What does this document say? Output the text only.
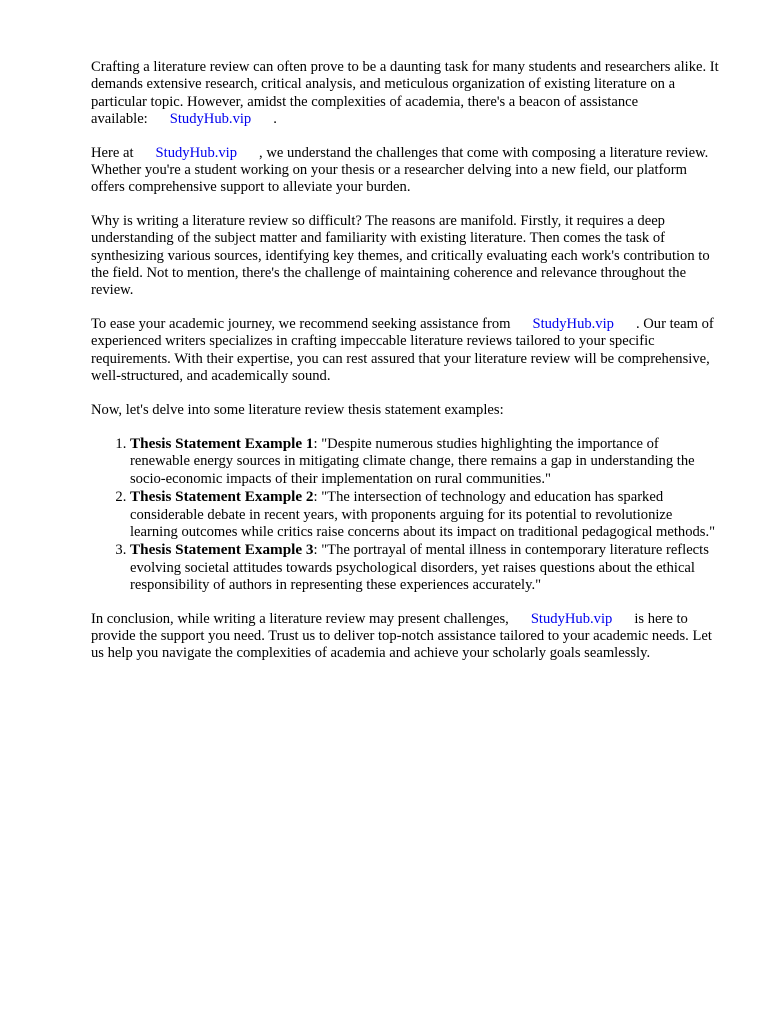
Crafting a literature review can often prove to be a daunting task for many students and researchers alike. It demands extensive research, critical analysis, and meticulous organization of existing literature on a particular topic. However, amidst the complexities of academia, there's a beacon of assistance available: StudyHub.vip .

Here at StudyHub.vip , we understand the challenges that come with composing a literature review. Whether you're a student working on your thesis or a researcher delving into a new field, our platform offers comprehensive support to alleviate your burden.

Why is writing a literature review so difficult? The reasons are manifold. Firstly, it requires a deep understanding of the subject matter and familiarity with existing literature. Then comes the task of synthesizing various sources, identifying key themes, and critically evaluating each work's contribution to the field. Not to mention, there's the challenge of maintaining coherence and relevance throughout the review.

To ease your academic journey, we recommend seeking assistance from StudyHub.vip . Our team of experienced writers specializes in crafting impeccable literature reviews tailored to your specific requirements. With their expertise, you can rest assured that your literature review will be comprehensive, well-structured, and academically sound.

Now, let's delve into some literature review thesis statement examples:

1. Thesis Statement Example 1: "Despite numerous studies highlighting the importance of renewable energy sources in mitigating climate change, there remains a gap in understanding the socio-economic impacts of their implementation on rural communities."
2. Thesis Statement Example 2: "The intersection of technology and education has sparked considerable debate in recent years, with proponents arguing for its potential to revolutionize learning outcomes while critics raise concerns about its impact on traditional pedagogical methods."
3. Thesis Statement Example 3: "The portrayal of mental illness in contemporary literature reflects evolving societal attitudes towards psychological disorders, yet raises questions about the ethical responsibility of authors in representing these experiences accurately."

In conclusion, while writing a literature review may present challenges, StudyHub.vip is here to provide the support you need. Trust us to deliver top-notch assistance tailored to your academic needs. Let us help you navigate the complexities of academia and achieve your scholarly goals seamlessly.
